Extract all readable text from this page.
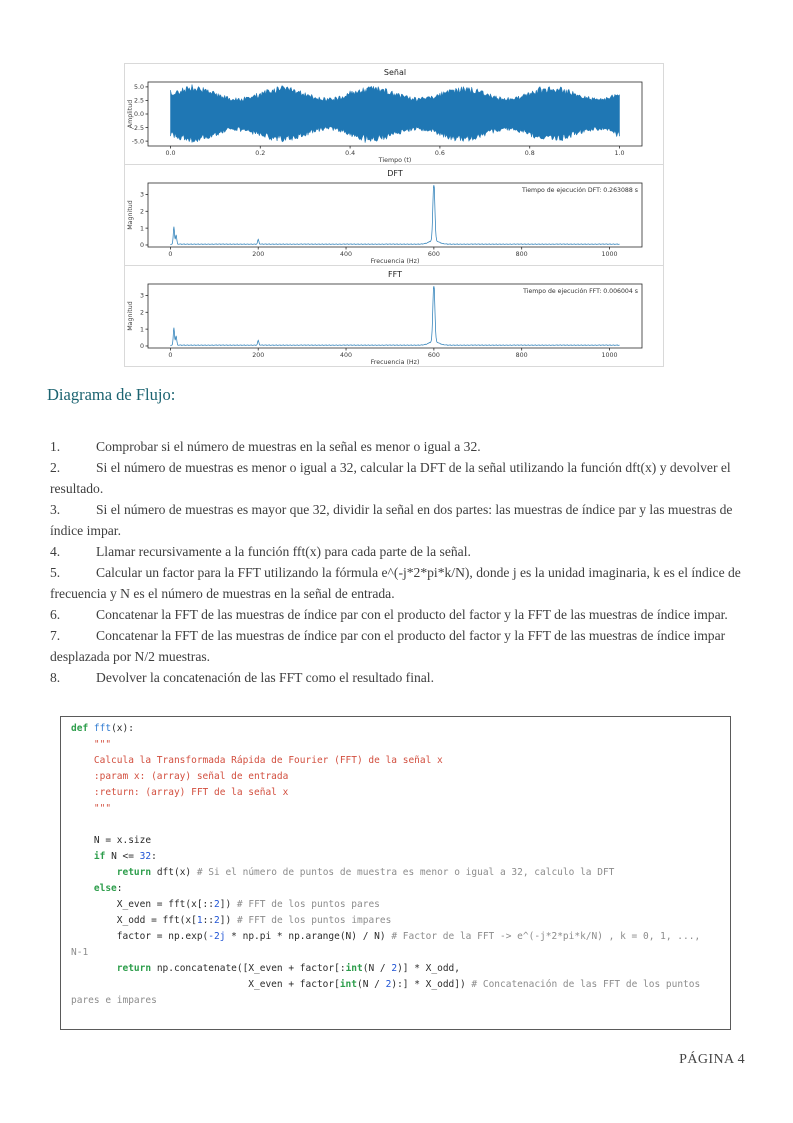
Señal
Tiempo (t)
Amplitud
0.0	0.2	0.4	0.6	0.8	1.0
5.0
2.5
0.0
-2.5
-5.0
DFT
Frecuencia (Hz)
Magnitud
0	200	400	600	800	1000
0
1
2
3
Tiempo de ejecución DFT: 0.263088 s
FFT
Frecuencia (Hz)
Magnitud
0	200	400	600	800	1000
0
1
2
3
Tiempo de ejecución FFT: 0.006004 s
Diagrama de Flujo:
1.	Comprobar si el número de muestras en la señal es menor o igual a 32.
2.	Si el número de muestras es menor o igual a 32, calcular la DFT de la señal utilizando la función dft(x) y devolver el resultado.
3.	Si el número de muestras es mayor que 32, dividir la señal en dos partes: las muestras de índice par y las muestras de índice impar.
4.	Llamar recursivamente a la función fft(x) para cada parte de la señal.
5.	Calcular un factor para la FFT utilizando la fórmula e^(-j*2*pi*k/N), donde j es la unidad imaginaria, k es el índice de frecuencia y N es el número de muestras en la señal de entrada.
6.	Concatenar la FFT de las muestras de índice par con el producto del factor y la FFT de las muestras de índice impar.
7.	Concatenar la FFT de las muestras de índice par con el producto del factor y la FFT de las muestras de índice impar desplazada por N/2 muestras.
8.	Devolver la concatenación de las FFT como el resultado final.
def fft(x):
"""
Calcula la Transformada Rápida de Fourier (FFT) de la señal x
:param x: (array) señal de entrada
:return: (array) FFT de la señal x
"""

N = x.size
if N <= 32:
return dft(x) # Si el número de puntos de muestra es menor o igual a 32, calculo la DFT
else:
X_even = fft(x[::2]) # FFT de los puntos pares
X_odd = fft(x[1::2]) # FFT de los puntos impares
factor = np.exp(-2j * np.pi * np.arange(N) / N) # Factor de la FFT -> e^(-j*2*pi*k/N) , k = 0, 1, ...,
N-1
return np.concatenate([X_even + factor[:int(N / 2)] * X_odd,
X_even + factor[int(N / 2):] * X_odd]) # Concatenación de las FFT de los puntos
pares e impares
PÁGINA 4
